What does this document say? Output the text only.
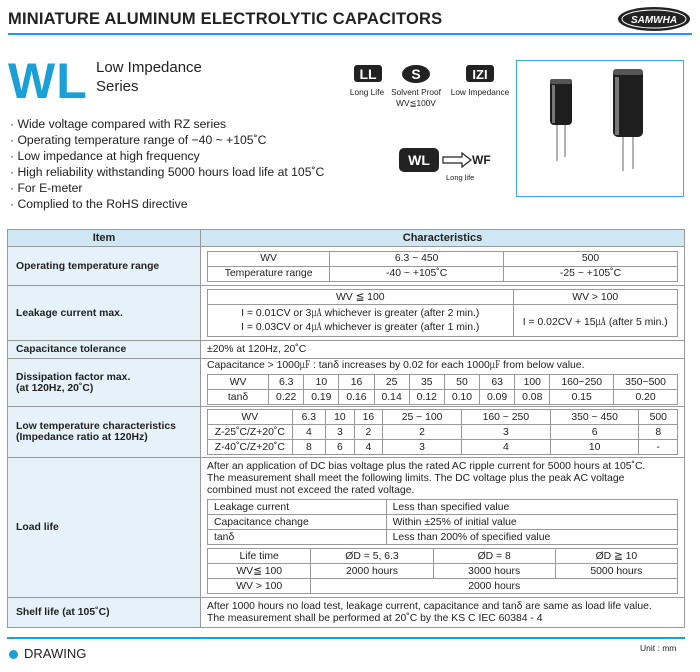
MINIATURE ALUMINUM ELECTROLYTIC CAPACITORS	SAMWHA
WL Low Impedance
Series
LL
Long Life
S
Solvent Proof
WV≦100V
IZI
Low Impedance
· Wide voltage compared with RZ series
· Operating temperature range of −40 ~ +105˚C
· Low impedance at high frequency
· High reliability withstanding 5000 hours load life at 105˚C
· For E-meter
· Complied to the RoHS directive
WL	WF
Long life
Item	Characteristics
Operating temperature range	
WV	6.3 ~ 450	500
Temperature range	-40 ~ +105˚C	-25 ~ +105˚C

Leakage current max.	
WV ≦ 100	WV > 100

I = 0.01CV or 3㎂ whichever is greater (after 2 min.)
I = 0.03CV or 4㎂ whichever is greater (after 1 min.)	I = 0.02CV + 15㎂ (after 5 min.)

Capacitance tolerance	±20% at 120Hz, 20˚C

Dissipation factor max.
(at 120Hz, 20˚C)

Capacitance > 1000㎌ : tanδ increases by 0.02 for each 1000㎌ from below value.
WV	6.3	10	16	25	35	50	63	100	160~250	350~500
tanδ	0.22	0.19	0.16	0.14	0.12	0.10	0.09	0.08	0.15	0.20

Low temperature characteristics
(Impedance ratio at 120Hz)

WV	6.3	10	16	25 ~ 100	160 ~ 250	350 ~ 450	500
Z-25˚C/Z+20˚C	4	3	2	2	3	6	8
Z-40˚C/Z+20˚C	8	6	4	3	4	10	-

Load life	
After an application of DC bias voltage plus the rated AC ripple current for 5000 hours at 105˚C.
The measurement shall meet the following limits. The DC voltage plus the peak AC voltage
combined must not exceed the rated voltage.
Leakage current	Less than specified value
Capacitance change	Within ±25% of initial value
tanδ	Less than 200% of specified value
Life time	ØD = 5, 6.3	ØD = 8	ØD ≧ 10
WV≦ 100	2000 hours	3000 hours	5000 hours
WV > 100	2000 hours

Shelf life (at 105˚C)	
After 1000 hours no load test, leakage current, capacitance and tanδ are same as load life value.
The measurement shall be performed at 20˚C by the KS C IEC 60384 - 4
DRAWING	Unit : mm
